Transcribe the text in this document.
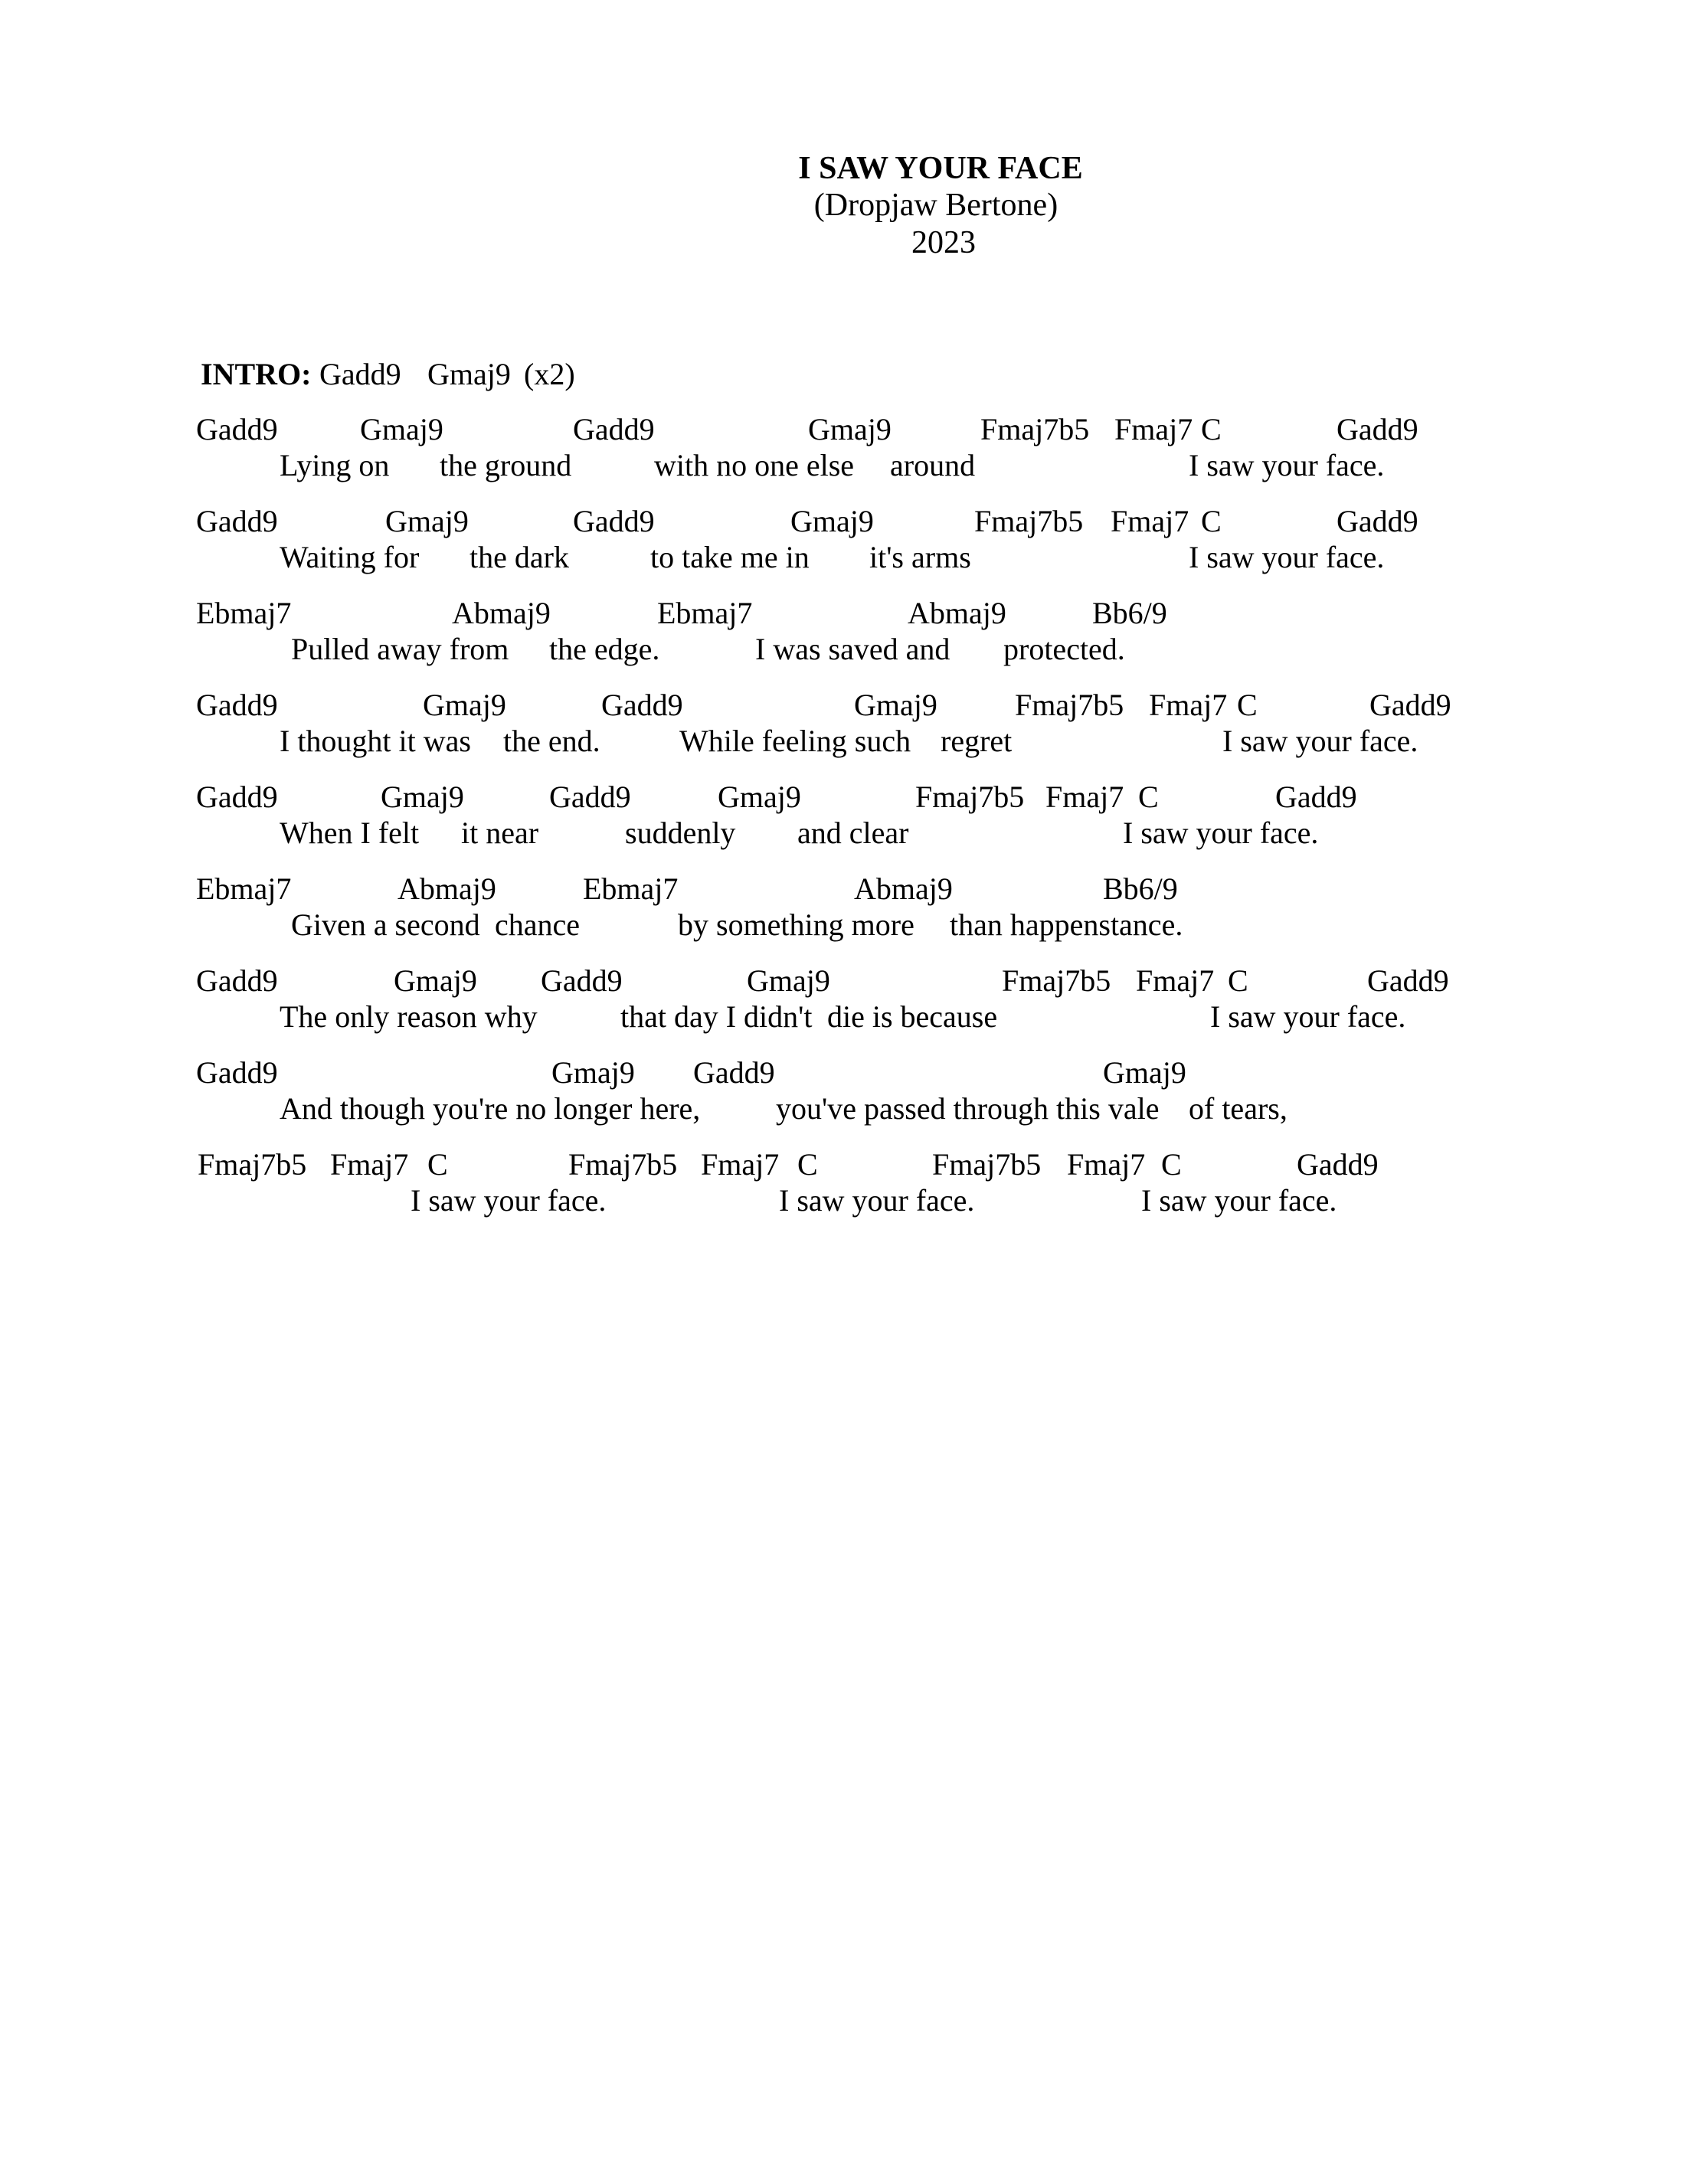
I SAW YOUR FACE
(Dropjaw Bertone)
2023
INTRO: Gadd9 Gmaj9 (x2)
Gadd9	Gmaj9	Gadd9	Gmaj9	Fmaj7b5 Fmaj7 C	Gadd9
Lying on the ground	with no one else around	I saw your face.
Gadd9	Gmaj9	Gadd9	Gmaj9	Fmaj7b5 Fmaj7 C	Gadd9
Waiting for the dark	to take me in it's arms	I saw your face.
Ebmaj7	Abmaj9	Ebmaj7	Abmaj9	Bb6/9
Pulled away from the edge.	I was saved and protected.
Gadd9	Gmaj9	Gadd9	Gmaj9	Fmaj7b5 Fmaj7 C	Gadd9
I thought it was the end.	While feeling such regret	I saw your face.
Gadd9	Gmaj9	Gadd9	Gmaj9	Fmaj7b5 Fmaj7 C	Gadd9
When I felt it near	suddenly and clear	I saw your face.
Ebmaj7	Abmaj9	Ebmaj7	Abmaj9	Bb6/9
Given a second chance	by something more than happenstance.
Gadd9	Gmaj9 Gadd9	Gmaj9	Fmaj7b5 Fmaj7 C	Gadd9
The only reason why	that day I didn't die is because	I saw your face.
Gadd9	Gmaj9 Gadd9	Gmaj9
And though you're no longer here, you've passed through this vale of tears,
Fmaj7b5 Fmaj7 C	Fmaj7b5 Fmaj7 C	Fmaj7b5 Fmaj7 C	Gadd9
I saw your face.	I saw your face.	I saw your face.
